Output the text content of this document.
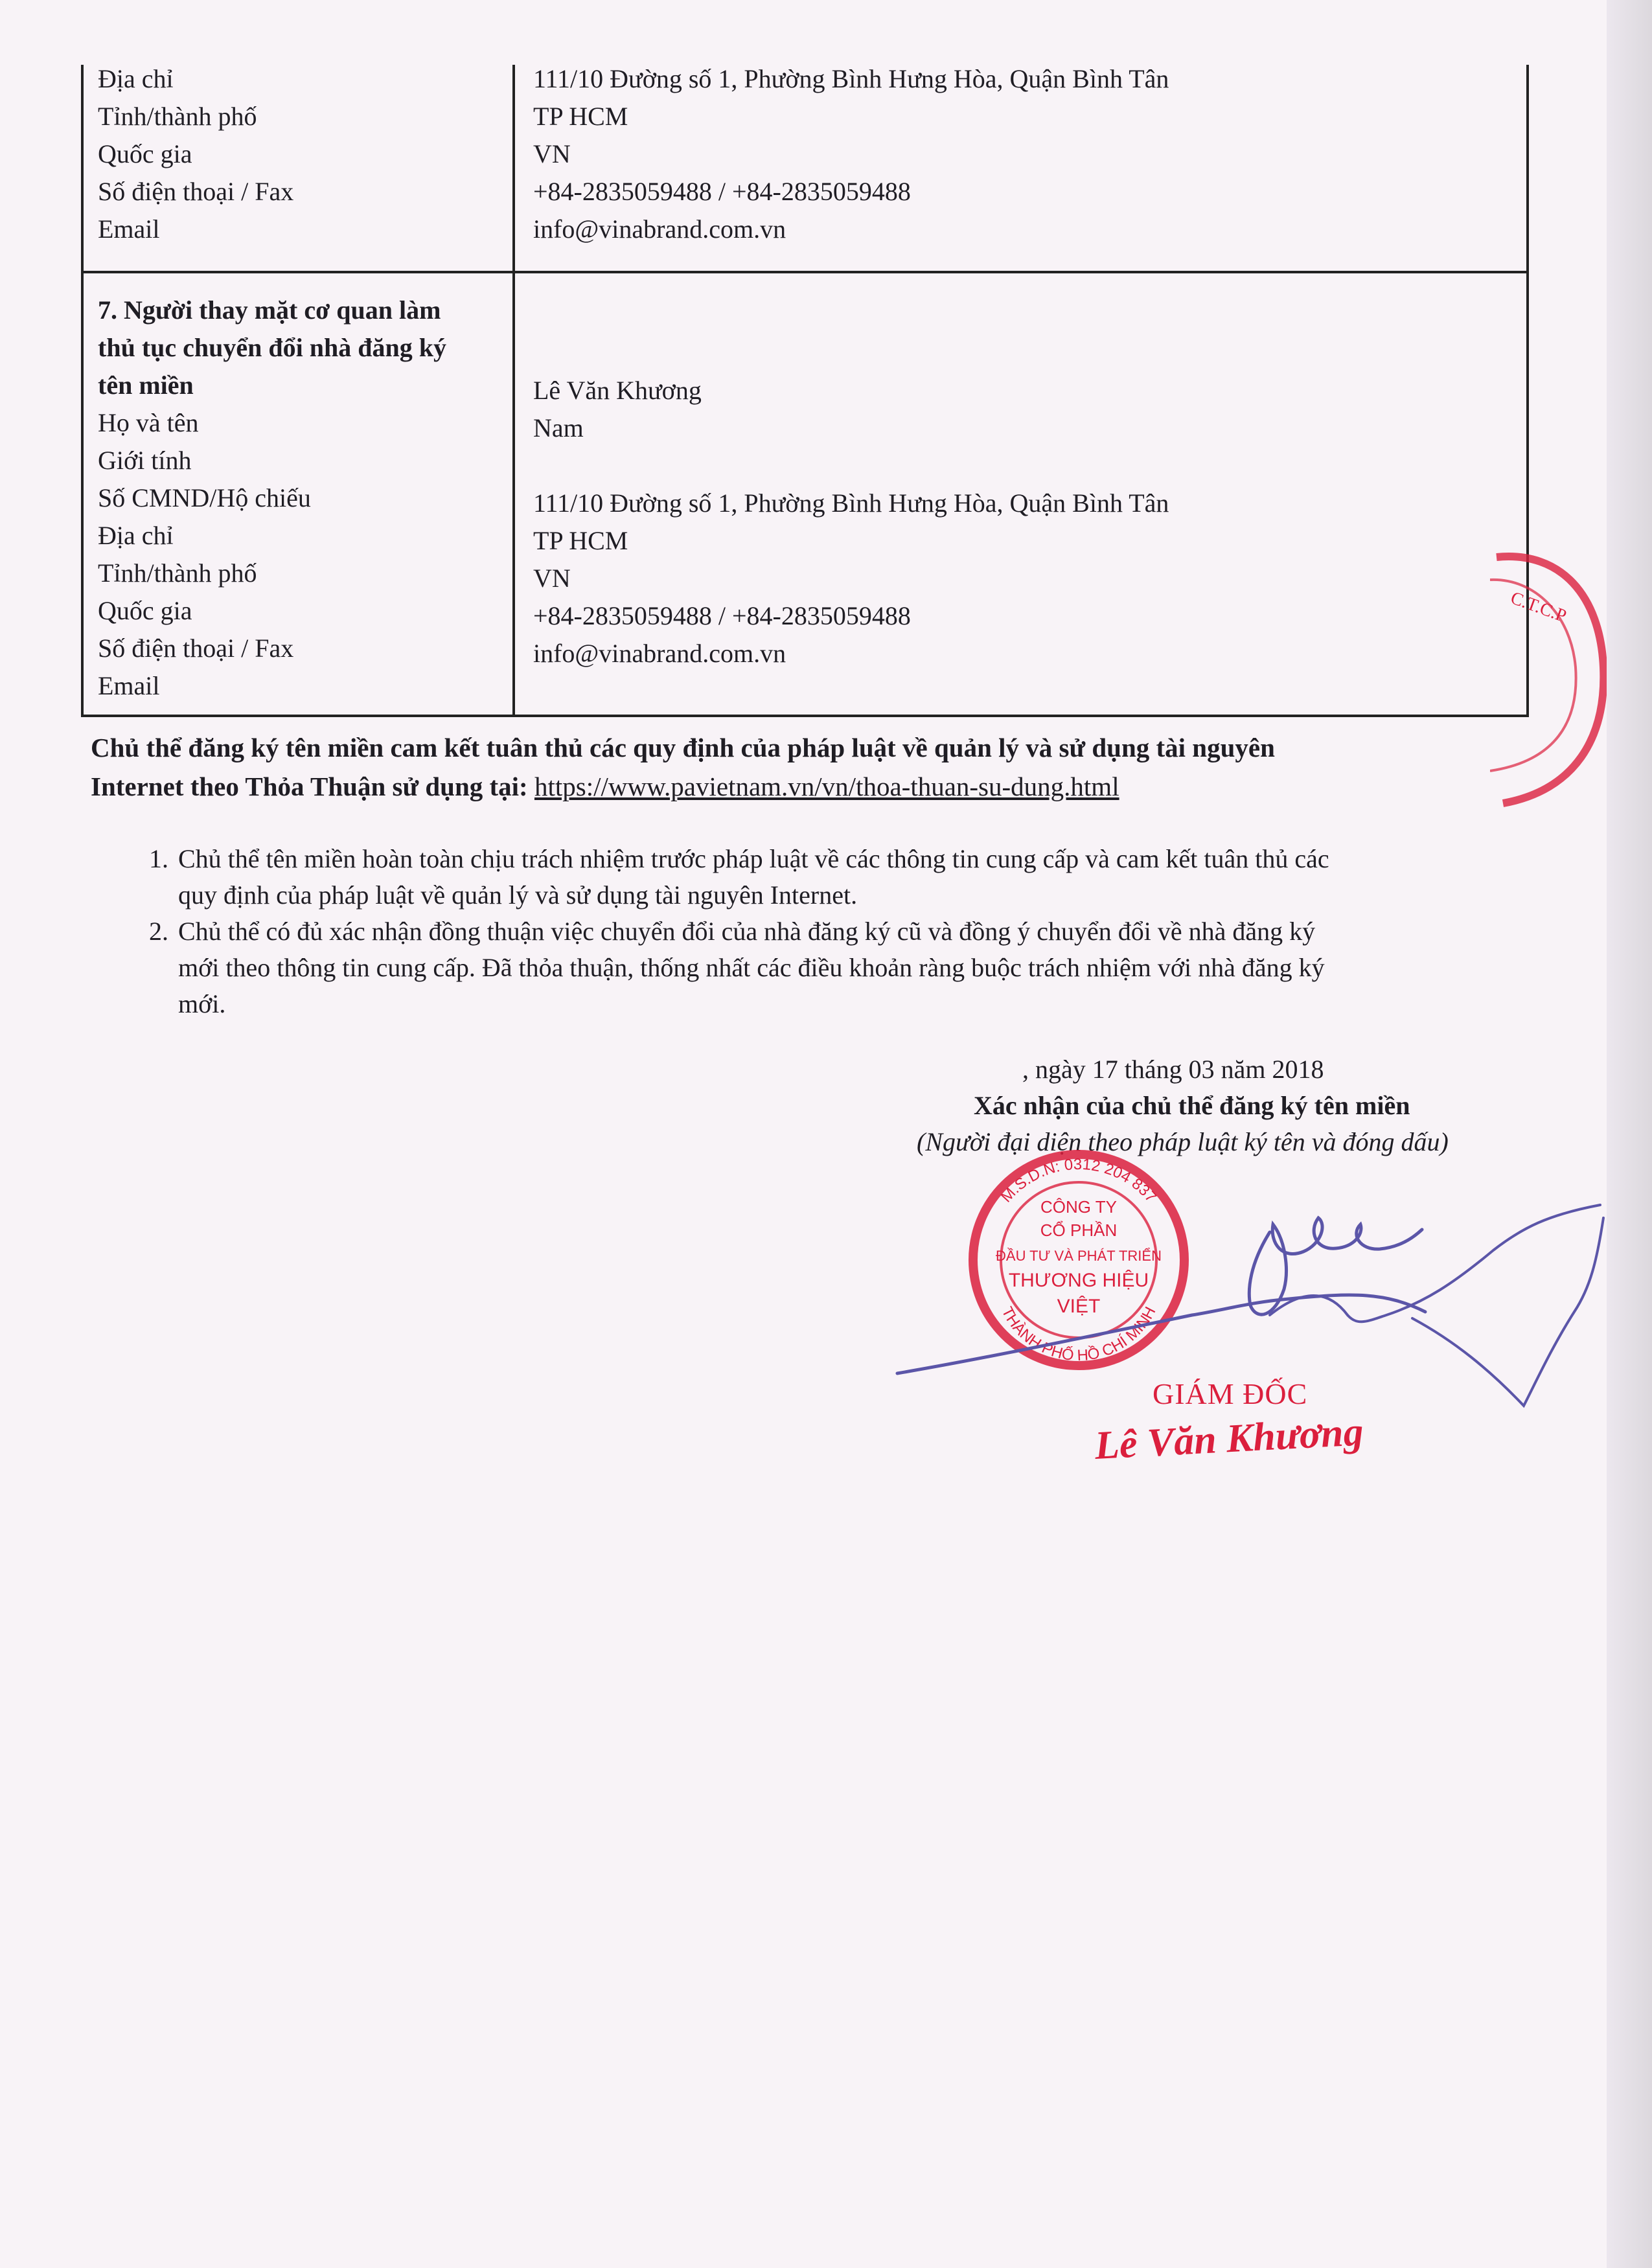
Địa chỉ
Tỉnh/thành phố
Quốc gia
Số điện thoại / Fax
Email
111/10 Đường số 1, Phường Bình Hưng Hòa, Quận Bình Tân
TP HCM
VN
+84-2835059488 / +84-2835059488
info@vinabrand.com.vn
7. Người thay mặt cơ quan làm
thủ tục chuyển đổi nhà đăng ký
tên miền
Họ và tên
Giới tính
Số CMND/Hộ chiếu
Địa chỉ
Tỉnh/thành phố
Quốc gia
Số điện thoại / Fax
Email
Lê Văn Khương
Nam
111/10 Đường số 1, Phường Bình Hưng Hòa, Quận Bình Tân
TP HCM
VN
+84-2835059488 / +84-2835059488
info@vinabrand.com.vn
Chủ thể đăng ký tên miền cam kết tuân thủ các quy định của pháp luật về quản lý và sử dụng tài nguyên
Internet theo Thỏa Thuận sử dụng tại: https://www.pavietnam.vn/vn/thoa-thuan-su-dung.html
1. Chủ thể tên miền hoàn toàn chịu trách nhiệm trước pháp luật về các thông tin cung cấp và cam kết tuân thủ các
quy định của pháp luật về quản lý và sử dụng tài nguyên Internet.
2. Chủ thể có đủ xác nhận đồng thuận việc chuyển đổi của nhà đăng ký cũ và đồng ý chuyển đổi về nhà đăng ký
mới theo thông tin cung cấp. Đã thỏa thuận, thống nhất các điều khoản ràng buộc trách nhiệm với nhà đăng ký
mới.
, ngày 17 tháng 03 năm 2018
Xác nhận của chủ thể đăng ký tên miền
(Người đại diện theo pháp luật ký tên và đóng dấu)
C.T.C.P
M.S.D.N: 0312 204 837
THÀNH PHỐ HỒ CHÍ MINH
CÔNG TY
CỔ PHẦN
ĐẦU TƯ VÀ PHÁT TRIỂN
THƯƠNG HIỆU
VIỆT
GIÁM ĐỐC
Lê Văn Khương
